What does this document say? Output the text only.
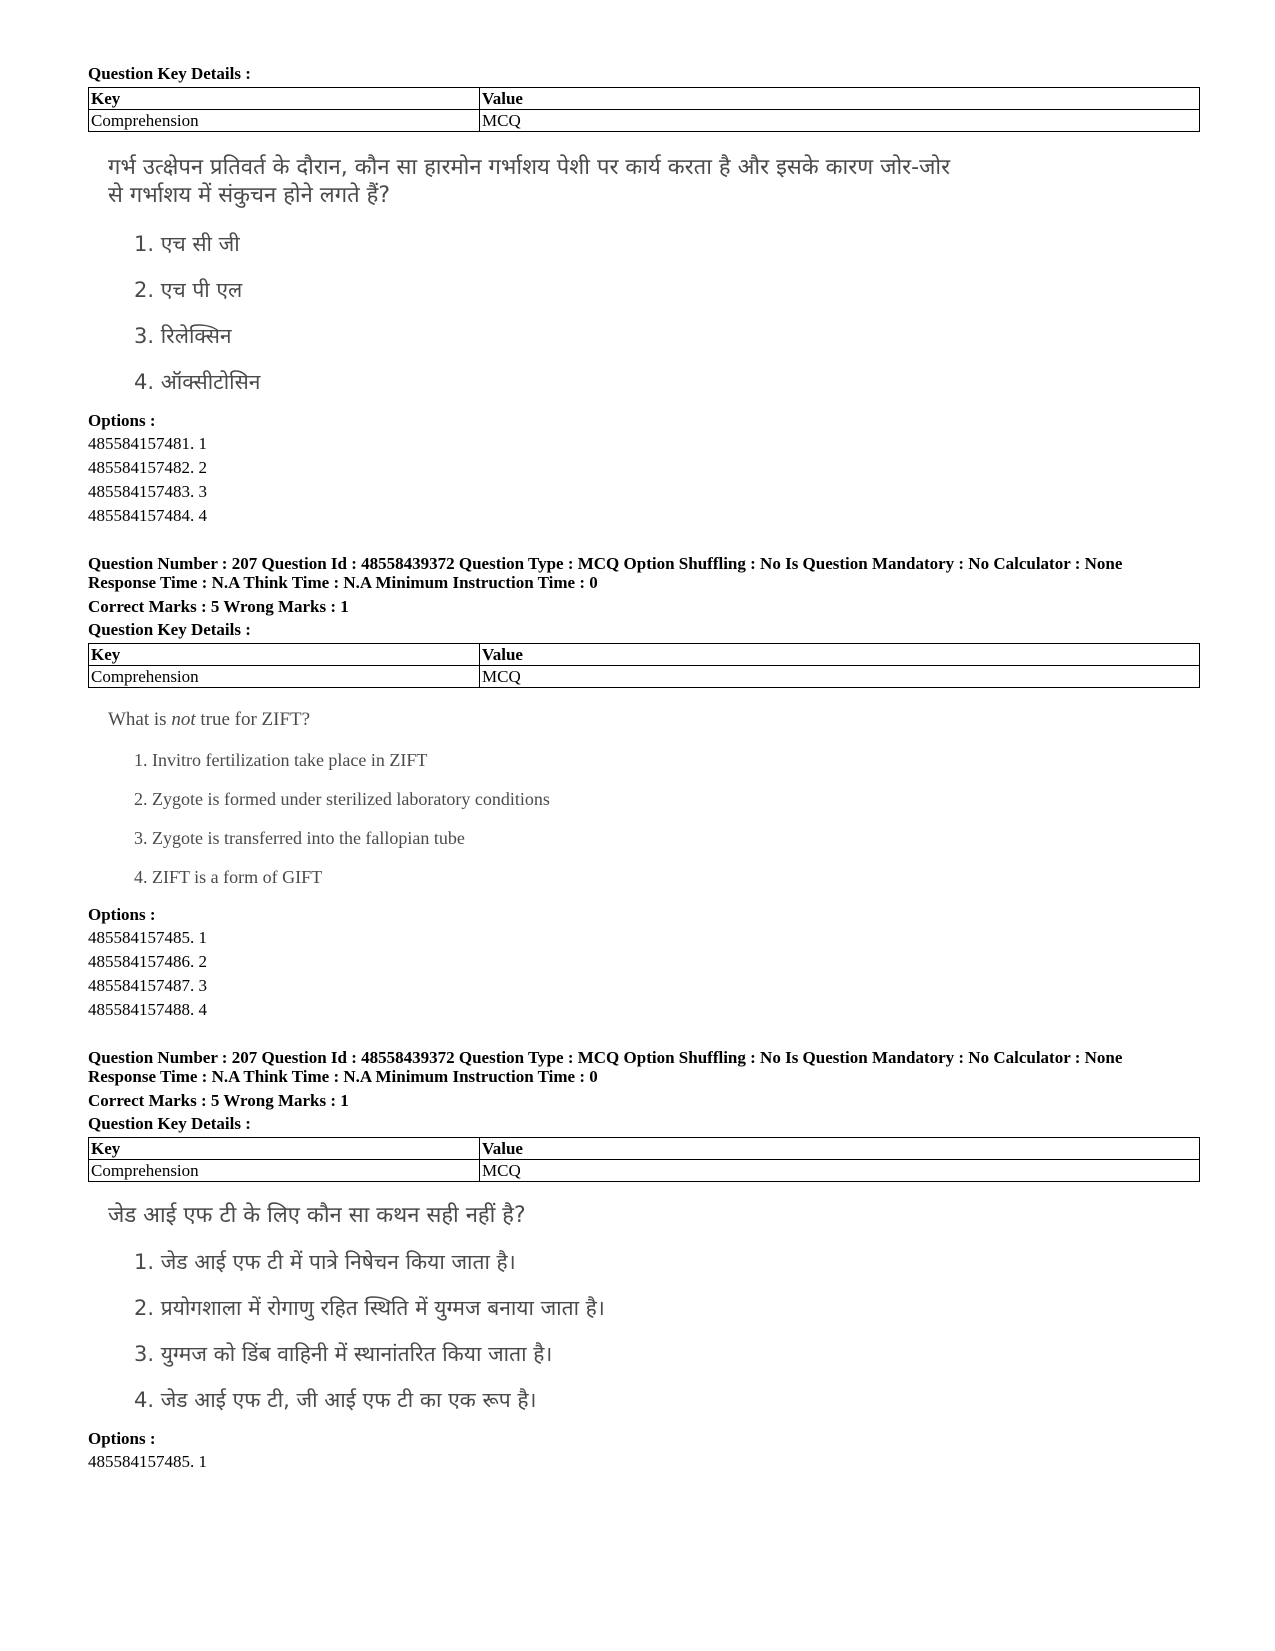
Question Key Details :
Key	Value
Comprehension	MCQ
गर्भ उत्क्षेपन प्रतिवर्त के दौरान, कौन सा हारमोन गर्भाशय पेशी पर कार्य करता है और इसके कारण जोर-जोर से गर्भाशय में संकुचन होने लगते हैं?
1. एच सी जी
2. एच पी एल
3. रिलेक्सिन
4. ऑक्सीटोसिन
Options :
485584157481. 1
485584157482. 2
485584157483. 3
485584157484. 4

Question Number : 207 Question Id : 48558439372 Question Type : MCQ Option Shuffling : No Is Question Mandatory : No Calculator : None

Response Time : N.A Think Time : N.A Minimum Instruction Time : 0

Correct Marks : 5 Wrong Marks : 1

Question Key Details :
Key	Value
Comprehension	MCQ
What is not true for ZIFT?
1. Invitro fertilization take place in ZIFT
2. Zygote is formed under sterilized laboratory conditions
3. Zygote is transferred into the fallopian tube
4. ZIFT is a form of GIFT
Options :
485584157485. 1
485584157486. 2
485584157487. 3
485584157488. 4

Question Number : 207 Question Id : 48558439372 Question Type : MCQ Option Shuffling : No Is Question Mandatory : No Calculator : None

Response Time : N.A Think Time : N.A Minimum Instruction Time : 0

Correct Marks : 5 Wrong Marks : 1

Question Key Details :
Key	Value
Comprehension	MCQ
जेड आई एफ टी के लिए कौन सा कथन सही नहीं है?
1. जेड आई एफ टी में पात्रे निषेचन किया जाता है।
2. प्रयोगशाला में रोगाणु रहित स्थिति में युग्मज बनाया जाता है।
3. युग्मज को डिंब वाहिनी में स्थानांतरित किया जाता है।
4. जेड आई एफ टी, जी आई एफ टी का एक रूप है।
Options :
485584157485. 1
